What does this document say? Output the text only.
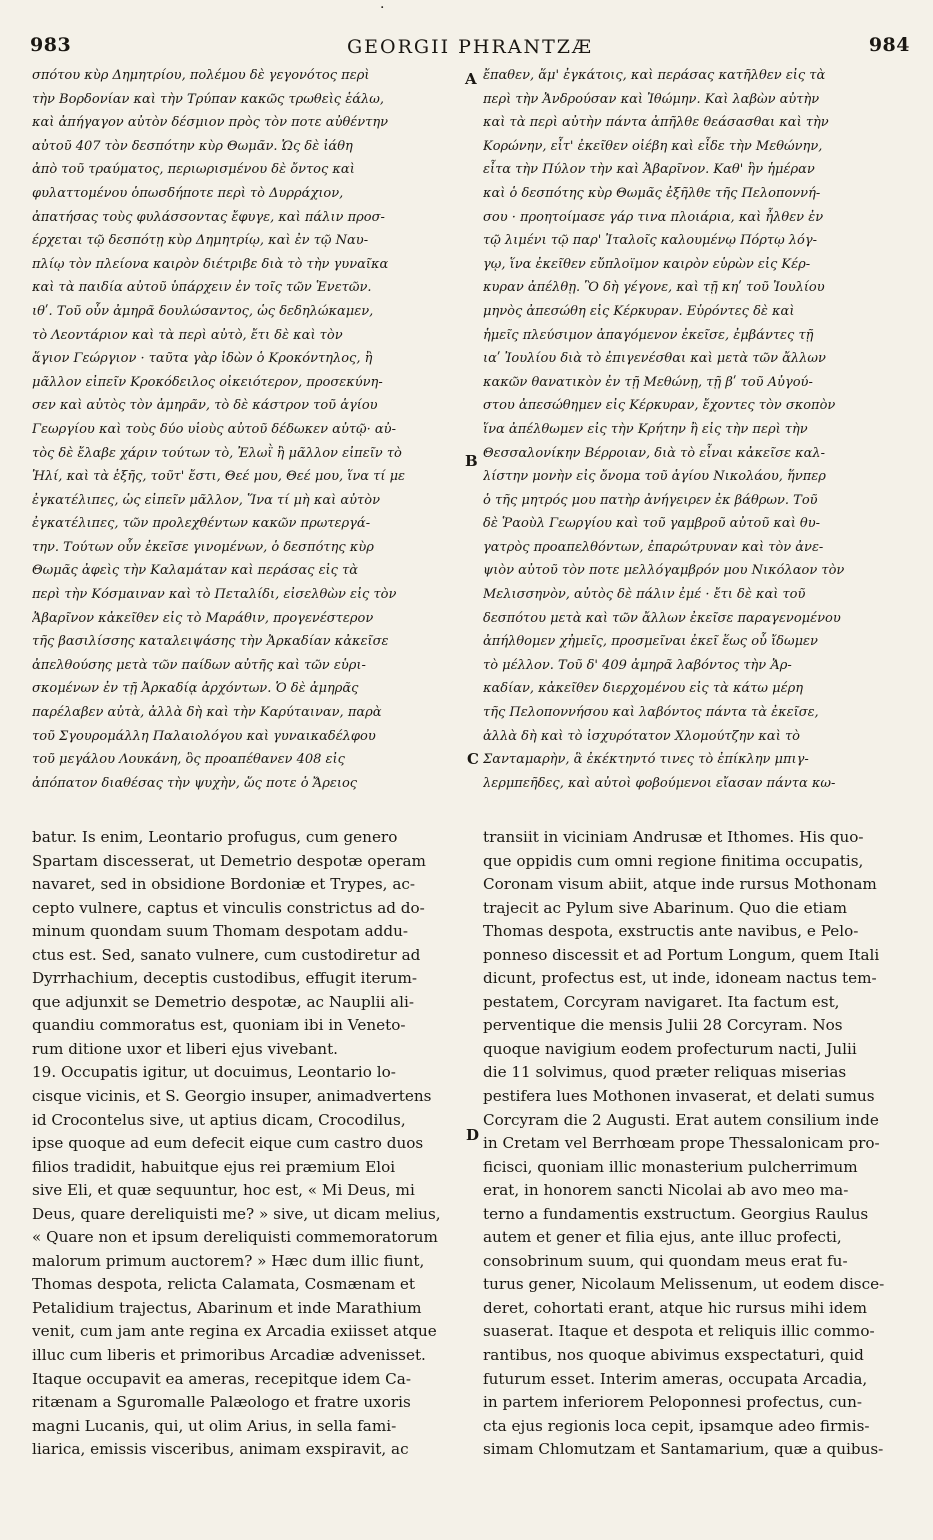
983	GEORGII PHRANTZÆ	984
·
σπότου κὺρ Δημητρίου, πολέμου δὲ γεγονότος περὶ
τὴν Βορδονίαν καὶ τὴν Τρύπαν κακῶς τρωθεὶς ἑάλω,
καὶ ἀπήγαγον αὐτὸν δέσμιον πρὸς τὸν ποτε αὐθέντην
αὐτοῦ 407 τὸν δεσπότην κὺρ Θωμᾶν. Ὡς δὲ ἰάθη
ἀπὸ τοῦ τραύματος, περιωρισμένου δὲ ὄντος καὶ
φυλαττομένου ὁπωσδήποτε περὶ τὸ Δυρράχιον,
ἀπατήσας τοὺς φυλάσσοντας ἔφυγε, καὶ πάλιν προσ-
έρχεται τῷ δεσπότῃ κὺρ Δημητρίῳ, καὶ ἐν τῷ Ναυ-
πλίῳ τὸν πλείονα καιρὸν διέτριβε διὰ τὸ τὴν γυναῖκα
καὶ τὰ παιδία αὐτοῦ ὑπάρχειν ἐν τοῖς τῶν Ἑνετῶν.
ιθʹ. Τοῦ οὖν ἀμηρᾶ δουλώσαντος, ὡς δεδηλώκαμεν,
τὸ Λεοντάριον καὶ τὰ περὶ αὐτὸ, ἔτι δὲ καὶ τὸν
ἅγιον Γεώργιον · ταῦτα γὰρ ἰδὼν ὁ Κροκόντηλος, ἢ
μᾶλλον εἰπεῖν Κροκόδειλος οἰκειότερον, προσεκύνη-
σεν καὶ αὐτὸς τὸν ἀμηρᾶν, τὸ δὲ κάστρον τοῦ ἁγίου
Γεωργίου καὶ τοὺς δύο υἱοὺς αὐτοῦ δέδωκεν αὐτῷ· αὐ-
τὸς δὲ ἔλαβε χάριν τούτων τὸ, Ἐλωῒ ἢ μᾶλλον εἰπεῖν τὸ
Ἠλί, καὶ τὰ ἑξῆς, τοῦτ' ἔστι, Θεέ μου, Θεέ μου, ἵνα τί με
ἐγκατέλιπες, ὡς εἰπεῖν μᾶλλον, Ἵνα τί μὴ καὶ αὐτὸν
ἐγκατέλιπες, τῶν προλεχθέντων κακῶν πρωτεργά-
την. Τούτων οὖν ἐκεῖσε γινομένων, ὁ δεσπότης κὺρ
Θωμᾶς ἀφεὶς τὴν Καλαμάταν καὶ περάσας εἰς τὰ
περὶ τὴν Κόσμαιναν καὶ τὸ Πεταλίδι, εἰσελθὼν εἰς τὸν
Ἀβαρῖνον κἀκεῖθεν εἰς τὸ Μαράθιν, προγενέστερον
τῆς βασιλίσσης καταλειψάσης τὴν Ἀρκαδίαν κἀκεῖσε
ἀπελθούσης μετὰ τῶν παίδων αὐτῆς καὶ τῶν εὑρι-
σκομένων ἐν τῇ Ἀρκαδίᾳ ἀρχόντων. Ὁ δὲ ἀμηρᾶς
παρέλαβεν αὐτὰ, ἀλλὰ δὴ καὶ τὴν Καρύταιναν, παρὰ
τοῦ Σγουρομάλλη Παλαιολόγου καὶ γυναικαδέλφου
τοῦ μεγάλου Λουκάνη, ὃς προαπέθανεν 408 εἰς
ἀπόπατον διαθέσας τὴν ψυχὴν, ὥς ποτε ὁ Ἄρειος
ἔπαθεν, ἅμ' ἐγκάτοις, καὶ περάσας κατῆλθεν εἰς τὰ
περὶ τὴν Ἀνδρούσαν καὶ Ἰθώμην. Καὶ λαβὼν αὐτὴν
καὶ τὰ περὶ αὐτὴν πάντα ἀπῆλθε θεάσασθαι καὶ τὴν
Κορώνην, εἶτ' ἐκεῖθεν οἰέβη καὶ εἶδε τὴν Μεθώνην,
εἶτα τὴν Πύλον τὴν καὶ Ἀβαρῖνον. Καθ' ἣν ἡμέραν
καὶ ὁ δεσπότης κὺρ Θωμᾶς ἐξῆλθε τῆς Πελοποννή-
σου · προητοίμασε γάρ τινα πλοιάρια, καὶ ἦλθεν ἐν
τῷ λιμένι τῷ παρ' Ἰταλοῖς καλουμένῳ Πόρτῳ λόγ-
γῳ, ἵνα ἐκεῖθεν εὔπλοϊμον καιρὸν εὑρὼν εἰς Κέρ-
κυραν ἀπέλθῃ. Ὃ δὴ γέγονε, καὶ τῇ κηʹ τοῦ Ἰουλίου
μηνὸς ἀπεσώθη εἰς Κέρκυραν. Εὑρόντες δὲ καὶ
ἡμεῖς πλεύσιμον ἀπαγόμενον ἐκεῖσε, ἐμβάντες τῇ
ιαʹ Ἰουλίου διὰ τὸ ἐπιγενέσθαι καὶ μετὰ τῶν ἄλλων
κακῶν θανατικὸν ἐν τῇ Μεθώνῃ, τῇ βʹ τοῦ Αὐγού-
στου ἀπεσώθημεν εἰς Κέρκυραν, ἔχοντες τὸν σκοπὸν
ἵνα ἀπέλθωμεν εἰς τὴν Κρήτην ἢ εἰς τὴν περὶ τὴν
Θεσσαλονίκην Βέρροιαν, διὰ τὸ εἶναι κἀκεῖσε καλ-
λίστην μονὴν εἰς ὄνομα τοῦ ἁγίου Νικολάου, ἥνπερ
ὁ τῆς μητρός μου πατὴρ ἀνήγειρεν ἐκ βάθρων. Τοῦ
δὲ Ῥαοὺλ Γεωργίου καὶ τοῦ γαμβροῦ αὐτοῦ καὶ θυ-
γατρὸς προαπελθόντων, ἐπαρώτρυναν καὶ τὸν ἀνε-
ψιὸν αὐτοῦ τὸν ποτε μελλόγαμβρόν μου Νικόλαον τὸν
Μελισσηνὸν, αὐτὸς δὲ πάλιν ἐμέ · ἔτι δὲ καὶ τοῦ
δεσπότου μετὰ καὶ τῶν ἄλλων ἐκεῖσε παραγενομένου
ἀπήλθομεν χἠμεῖς, προσμεῖναι ἐκεῖ ἕως οὗ ἴδωμεν
τὸ μέλλον. Τοῦ δ' 409 ἀμηρᾶ λαβόντος τὴν Ἀρ-
καδίαν, κἀκεῖθεν διερχομένου εἰς τὰ κάτω μέρη
τῆς Πελοποννήσου καὶ λαβόντος πάντα τὰ ἐκεῖσε,
ἀλλὰ δὴ καὶ τὸ ἰσχυρότατον Χλομούτζην καὶ τὸ
Σανταμαρὴν, ἃ ἐκέκτηντό τινες τὸ ἐπίκλην μπιγ-
λερμπεῆδες, καὶ αὐτοὶ φοβούμενοι εἴασαν πάντα κω-
batur. Is enim, Leontario profugus, cum genero
Spartam discesserat, ut Demetrio despotæ operam
navaret, sed in obsidione Bordoniæ et Trypes, ac-
cepto vulnere, captus et vinculis constrictus ad do-
minum quondam suum Thomam despotam addu-
ctus est. Sed, sanato vulnere, cum custodiretur ad
Dyrrhachium, deceptis custodibus, effugit iterum-
que adjunxit se Demetrio despotæ, ac Nauplii ali-
quandiu commoratus est, quoniam ibi in Veneto-
rum ditione uxor et liberi ejus vivebant.
19. Occupatis igitur, ut docuimus, Leontario lo-
cisque vicinis, et S. Georgio insuper, animadvertens
id Crocontelus sive, ut aptius dicam, Crocodilus,
ipse quoque ad eum defecit eique cum castro duos
filios tradidit, habuitque ejus rei præmium Eloi
sive Eli, et quæ sequuntur, hoc est, « Mi Deus, mi
Deus, quare dereliquisti me? » sive, ut dicam melius,
« Quare non et ipsum dereliquisti commemoratorum
malorum primum auctorem? » Hæc dum illic fiunt,
Thomas despota, relicta Calamata, Cosmænam et
Petalidium trajectus, Abarinum et inde Marathium
venit, cum jam ante regina ex Arcadia exiisset atque
illuc cum liberis et primoribus Arcadiæ advenisset.
Itaque occupavit ea ameras, recepitque idem Ca-
ritænam a Sguromalle Palæologo et fratre uxoris
magni Lucanis, qui, ut olim Arius, in sella fami-
liarica, emissis visceribus, animam exspiravit, ac
transiit in viciniam Andrusæ et Ithomes. His quo-
que oppidis cum omni regione finitima occupatis,
Coronam visum abiit, atque inde rursus Mothonam
trajecit ac Pylum sive Abarinum. Quo die etiam
Thomas despota, exstructis ante navibus, e Pelo-
ponneso discessit et ad Portum Longum, quem Itali
dicunt, profectus est, ut inde, idoneam nactus tem-
pestatem, Corcyram navigaret. Ita factum est,
perventique die mensis Julii 28 Corcyram. Nos
quoque navigium eodem profecturum nacti, Julii
die 11 solvimus, quod præter reliquas miserias
pestifera lues Mothonen invaserat, et delati sumus
Corcyram die 2 Augusti. Erat autem consilium inde
in Cretam vel Berrhœam prope Thessalonicam pro-
ficisci, quoniam illic monasterium pulcherrimum
erat, in honorem sancti Nicolai ab avo meo ma-
terno a fundamentis exstructum. Georgius Raulus
autem et gener et filia ejus, ante illuc profecti,
consobrinum suum, qui quondam meus erat fu-
turus gener, Nicolaum Melissenum, ut eodem disce-
deret, cohortati erant, atque hic rursus mihi idem
suaserat. Itaque et despota et reliquis illic commo-
rantibus, nos quoque abivimus exspectaturi, quid
futurum esset. Interim ameras, occupata Arcadia,
in partem inferiorem Peloponnesi profectus, cun-
cta ejus regionis loca cepit, ipsamque adeo firmis-
simam Chlomutzam et Santamarium, quæ a quibus-
A
B
C
D
